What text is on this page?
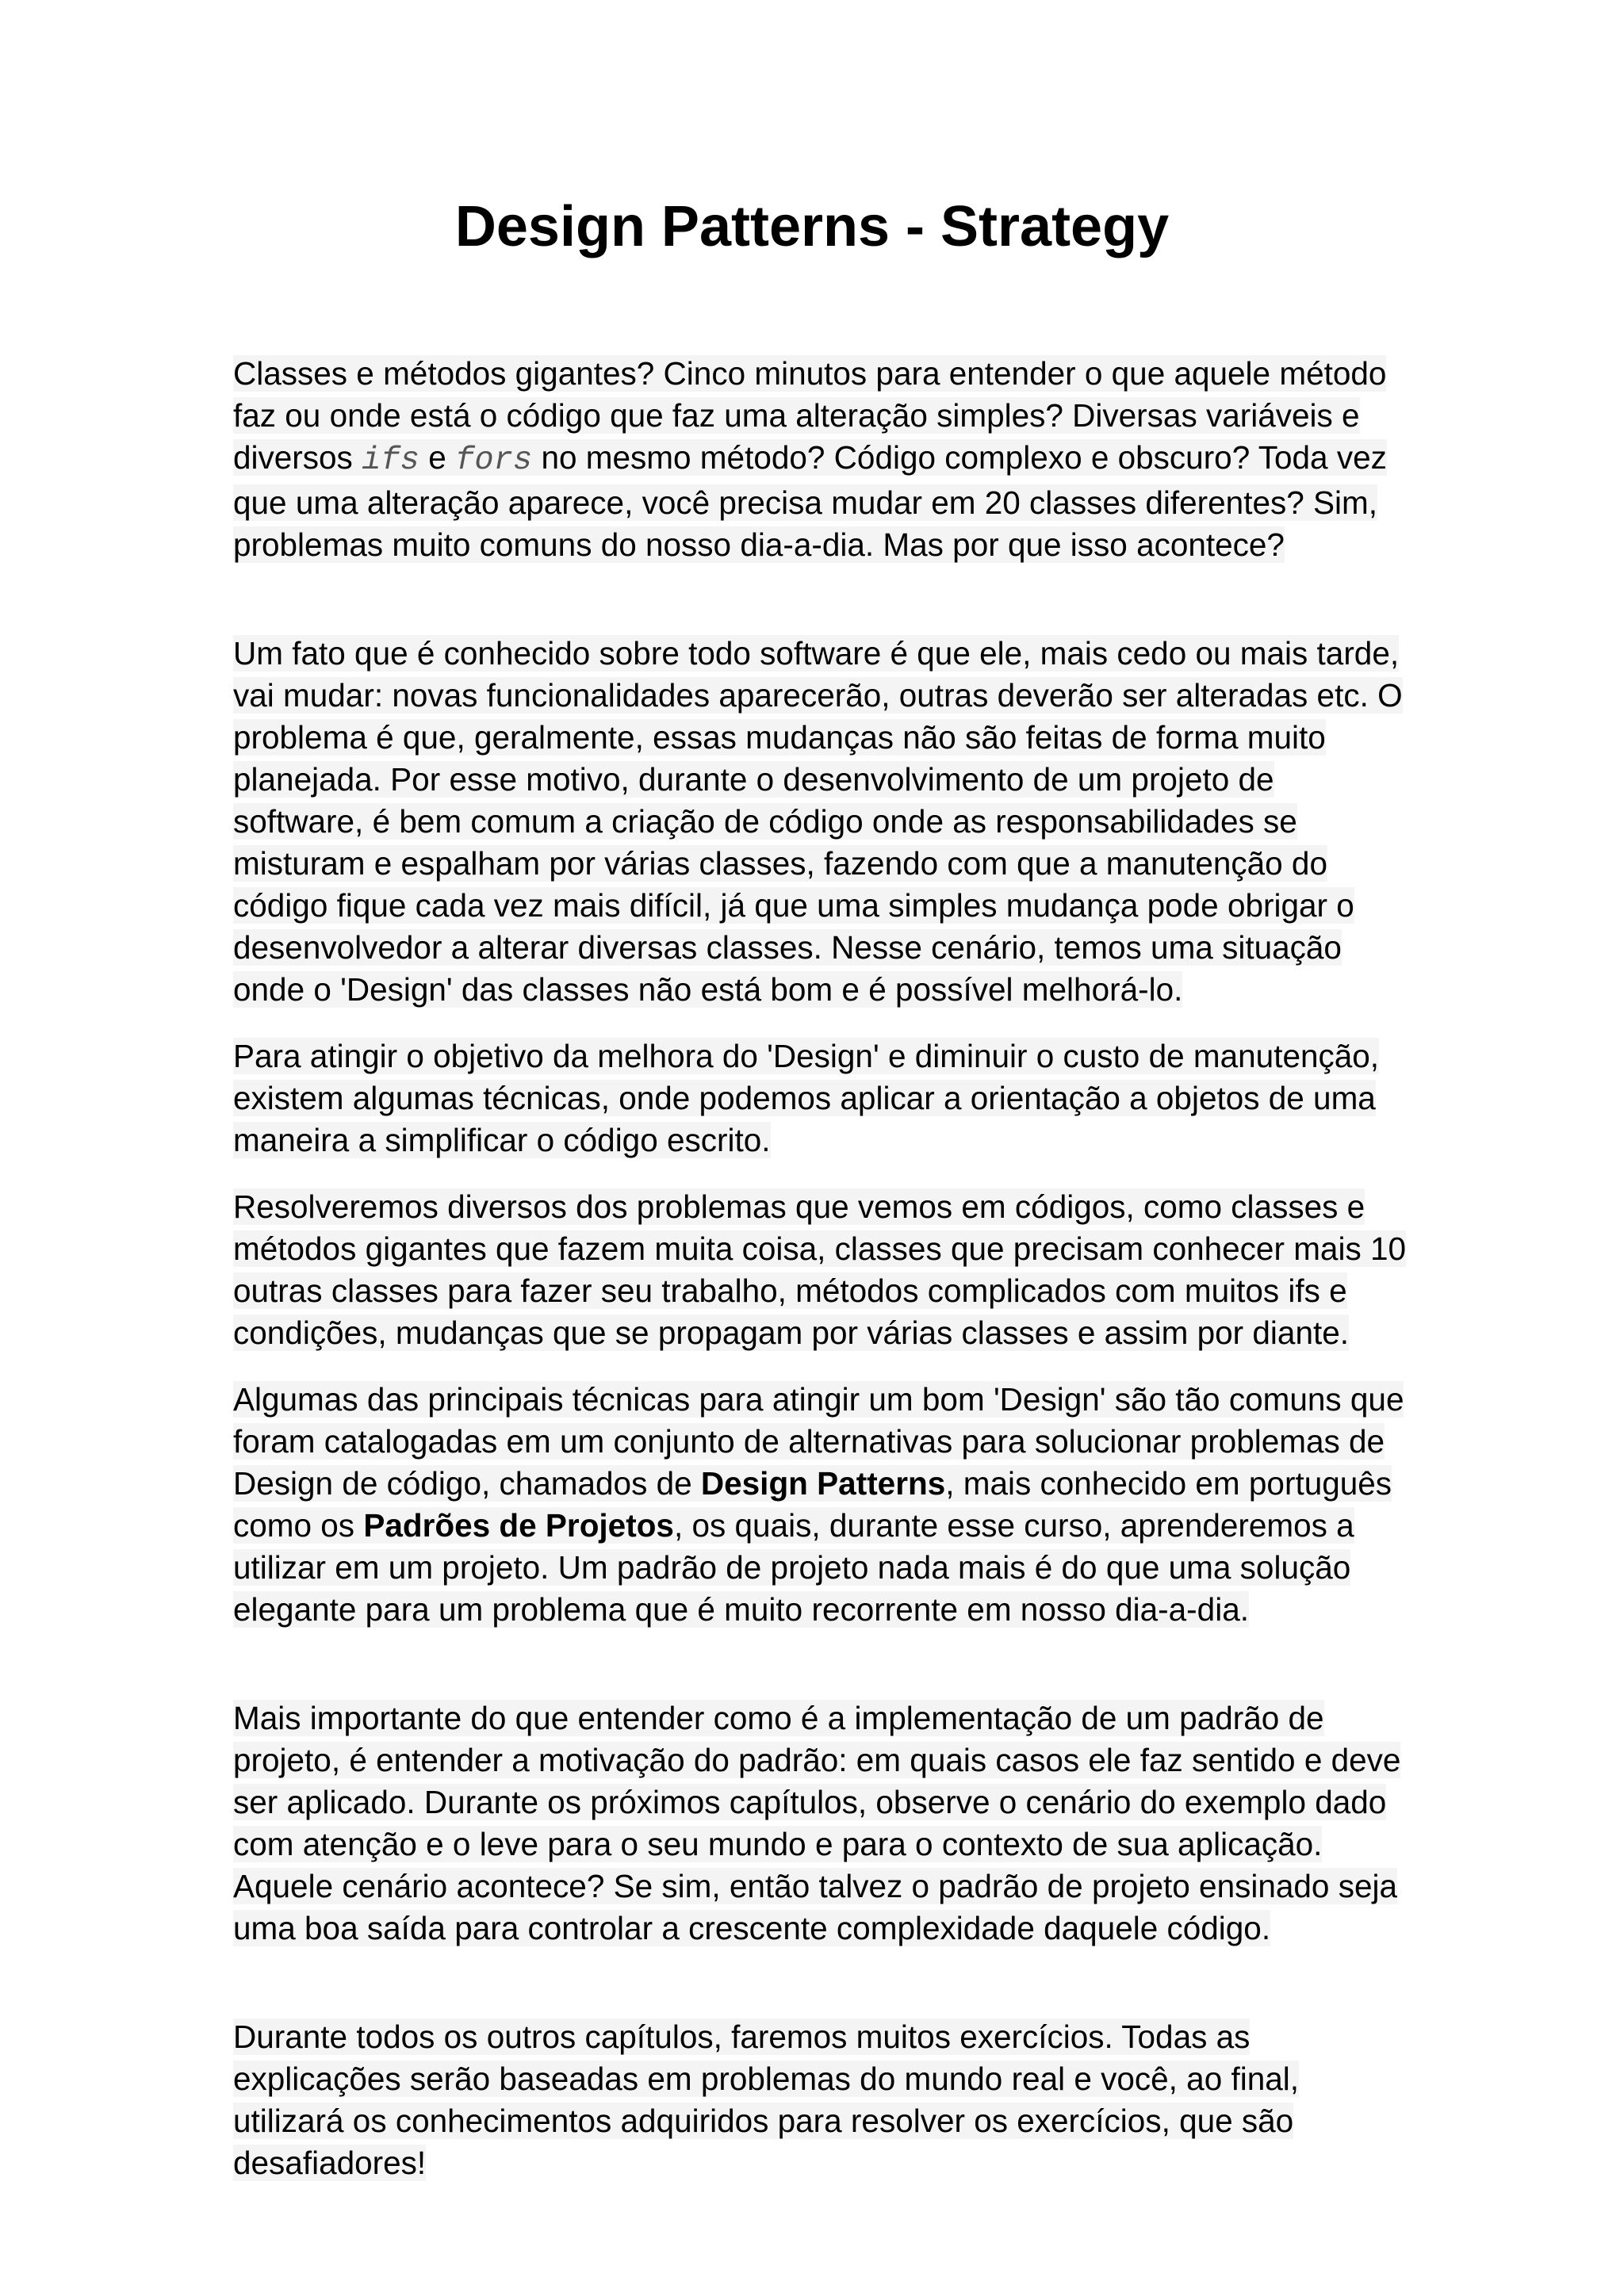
Design Patterns - Strategy

Classes e métodos gigantes? Cinco minutos para entender o que aquele método faz ou onde está o código que faz uma alteração simples? Diversas variáveis e diversos ifs e fors no mesmo método? Código complexo e obscuro? Toda vez que uma alteração aparece, você precisa mudar em 20 classes diferentes? Sim, problemas muito comuns do nosso dia-a-dia. Mas por que isso acontece?

Um fato que é conhecido sobre todo software é que ele, mais cedo ou mais tarde, vai mudar: novas funcionalidades aparecerão, outras deverão ser alteradas etc. O problema é que, geralmente, essas mudanças não são feitas de forma muito planejada. Por esse motivo, durante o desenvolvimento de um projeto de software, é bem comum a criação de código onde as responsabilidades se misturam e espalham por várias classes, fazendo com que a manutenção do código fique cada vez mais difícil, já que uma simples mudança pode obrigar o desenvolvedor a alterar diversas classes. Nesse cenário, temos uma situação onde o 'Design' das classes não está bom e é possível melhorá-lo.

Para atingir o objetivo da melhora do 'Design' e diminuir o custo de manutenção, existem algumas técnicas, onde podemos aplicar a orientação a objetos de uma maneira a simplificar o código escrito.

Resolveremos diversos dos problemas que vemos em códigos, como classes e métodos gigantes que fazem muita coisa, classes que precisam conhecer mais 10 outras classes para fazer seu trabalho, métodos complicados com muitos ifs e condições, mudanças que se propagam por várias classes e assim por diante.

Algumas das principais técnicas para atingir um bom 'Design' são tão comuns que foram catalogadas em um conjunto de alternativas para solucionar problemas de Design de código, chamados de Design Patterns, mais conhecido em português como os Padrões de Projetos, os quais, durante esse curso, aprenderemos a utilizar em um projeto. Um padrão de projeto nada mais é do que uma solução elegante para um problema que é muito recorrente em nosso dia-a-dia.

Mais importante do que entender como é a implementação de um padrão de projeto, é entender a motivação do padrão: em quais casos ele faz sentido e deve ser aplicado. Durante os próximos capítulos, observe o cenário do exemplo dado com atenção e o leve para o seu mundo e para o contexto de sua aplicação. Aquele cenário acontece? Se sim, então talvez o padrão de projeto ensinado seja uma boa saída para controlar a crescente complexidade daquele código.

Durante todos os outros capítulos, faremos muitos exercícios. Todas as explicações serão baseadas em problemas do mundo real e você, ao final, utilizará os conhecimentos adquiridos para resolver os exercícios, que são desafiadores!
